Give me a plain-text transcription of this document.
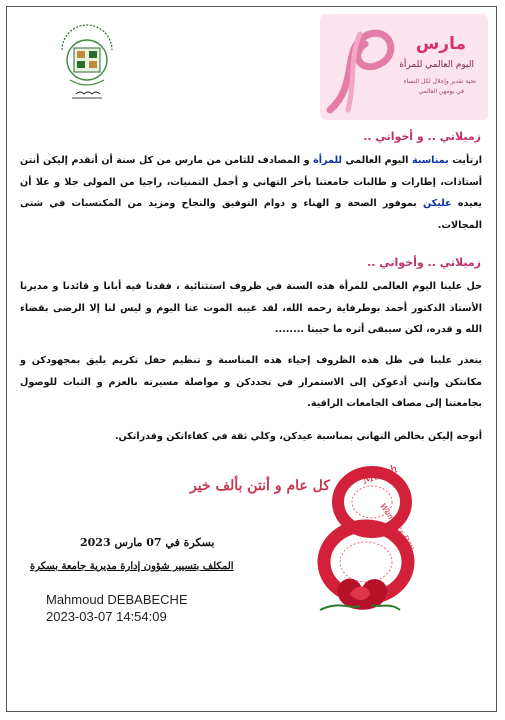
مارس
اليوم العالمي للمرأة
تحية تقدير وإجلال لكل النساء
في يومهن العالمي
زميلاتي .. و أخواتي ..
ارتأيت بمناسبة اليوم العالمي للمرأة و المصادف للثامن من مارس من كل سنة أن أتقدم إليكن أنتن أستاذات، إطارات و طالبات جامعتنا بأحر التهاني و أجمل التمنيات، راجيا من المولى جلا و علا أن يعيده عليكن بموفور الصحة و الهناء و دوام التوفيق والنجاح ومزيد من المكتسبات في شتى المجالات.
زميلاتي .. وأخواتي ..
حل علينا اليوم العالمي للمرأة هذه السنة في ظروف استثنائية ، فقدنا فيه أبانا و قائدنا و مديرنا الأستاذ الدكتور أحمد بوطرفاية رحمه الله، لقد غيبه الموت عنا اليوم و ليس لنا إلا الرضى بقضاء الله و قدره، لكن سيبقى أثره ما حيينا ........
يتعذر علينا في ظل هذه الظروف إحياء هذه المناسبة و تنظيم حفل تكريم يليق بمجهودكن و مكانتكن وإنني أدعوكن إلى الاستمرار في تجددكن و مواصلة مسيرته بالعزم و الثبات للوصول بجامعتنا إلى مصاف الجامعات الراقية.
أتوجه إليكن بخالص التهاني بمناسبة عيدكن، وكلي ثقة في كفاءاتكن وقدراتكن.
كل عام و أنتن بألف خير
بسكرة في 07 مارس 2023
المكلف بتسيير شؤون إدارة مديرية جامعة بسكرة
Mahmoud DEBABECHE
2023-03-07 14:54:09
March
Women's Day
